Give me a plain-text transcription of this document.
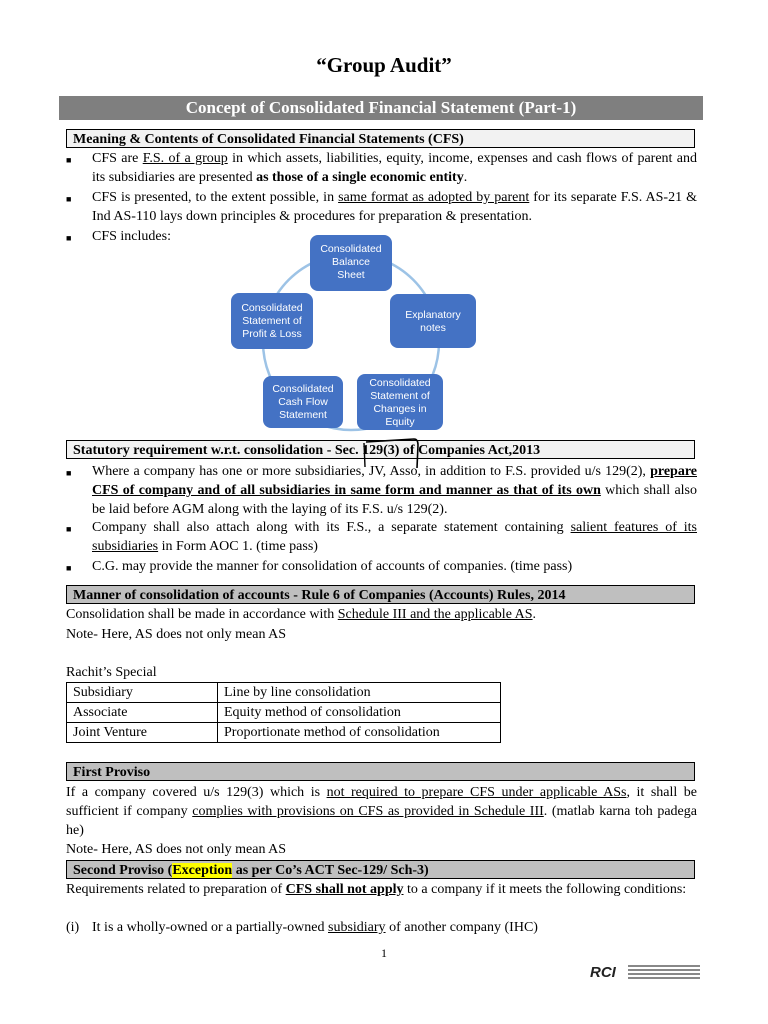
“Group Audit”
Concept of Consolidated Financial Statement (Part-1)
Meaning & Contents of Consolidated Financial Statements (CFS)
■ CFS are F.S. of a group in which assets, liabilities, equity, income, expenses and cash flows of parent and its subsidiaries are presented as those of a single economic entity.
■ CFS is presented, to the extent possible, in same format as adopted by parent for its separate F.S. AS-21 & Ind AS-110 lays down principles & procedures for preparation & presentation.
■ CFS includes:
Consolidated Balance Sheet
Explanatory notes
Consolidated Statement of Changes in Equity
Consolidated Cash Flow Statement
Consolidated Statement of Profit & Loss
Statutory requirement w.r.t. consolidation - Sec. 129(3) of Companies Act,2013
■ Where a company has one or more subsidiaries, JV, Asso, in addition to F.S. provided u/s 129(2), prepare CFS of company and of all subsidiaries in same form and manner as that of its own which shall also be laid before AGM along with the laying of its F.S. u/s 129(2).
■ Company shall also attach along with its F.S., a separate statement containing salient features of its subsidiaries in Form AOC 1. (time pass)
■ C.G. may provide the manner for consolidation of accounts of companies. (time pass)
Manner of consolidation of accounts - Rule 6 of Companies (Accounts) Rules, 2014
Consolidation shall be made in accordance with Schedule III and the applicable AS.
Note- Here, AS does not only mean AS
Rachit’s Special
Subsidiary	Line by line consolidation
Associate	Equity method of consolidation
Joint Venture	Proportionate method of consolidation
First Proviso
If a company covered u/s 129(3) which is not required to prepare CFS under applicable ASs, it shall be sufficient if company complies with provisions on CFS as provided in Schedule III. (matlab karna toh padega he)
Note- Here, AS does not only mean AS
Second Proviso (Exception as per Co’s ACT Sec-129/ Sch-3)
Requirements related to preparation of CFS shall not apply to a company if it meets the following conditions:
(i) It is a wholly-owned or a partially-owned subsidiary of another company (IHC)
1
RCI
